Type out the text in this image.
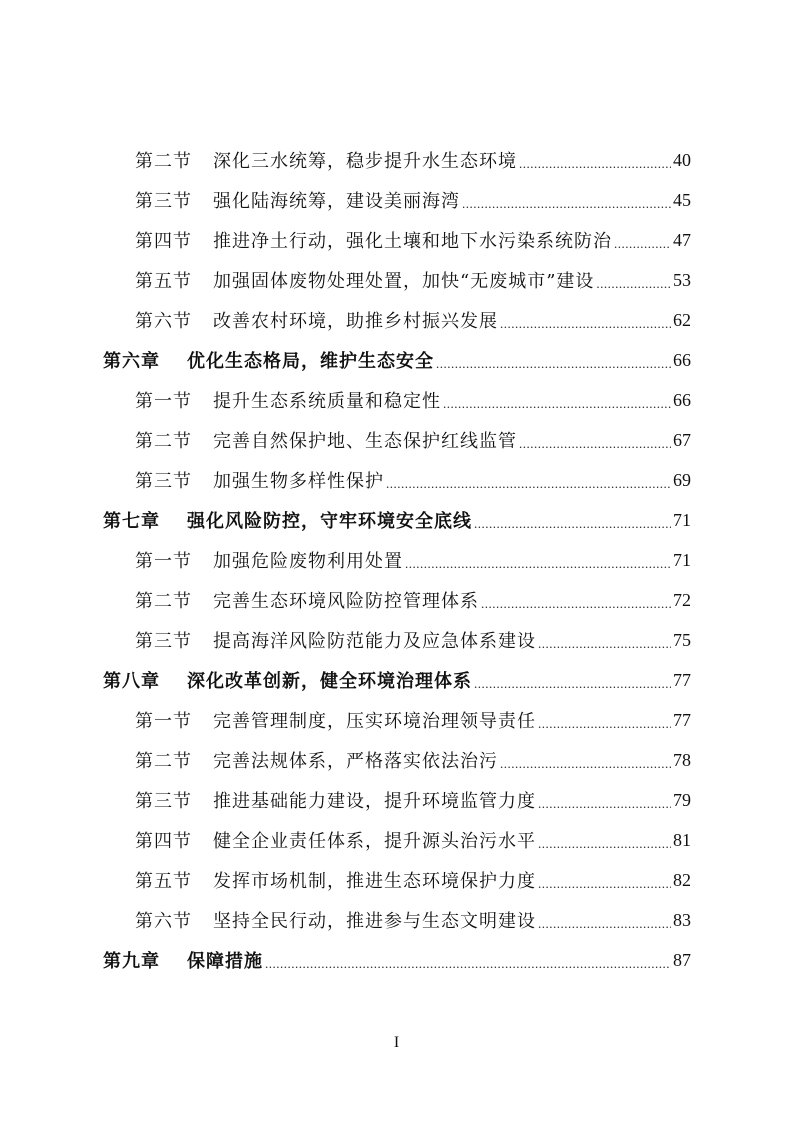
第二节	深化三水统筹，稳步提升水生态环境 .....	40
第三节	强化陆海统筹，建设美丽海湾 .....	45
第四节	推进净土行动，强化土壤和地下水污染系统防治 .....	47
第五节	加强固体废物处理处置，加快“无废城市”建设 .....	53
第六节	改善农村环境，助推乡村振兴发展 .....	62
第六章	优化生态格局，维护生态安全 .....	66
第一节	提升生态系统质量和稳定性 .....	66
第二节	完善自然保护地、生态保护红线监管 .....	67
第三节	加强生物多样性保护 .....	69
第七章	强化风险防控，守牢环境安全底线 .....	71
第一节	加强危险废物利用处置 .....	71
第二节	完善生态环境风险防控管理体系 .....	72
第三节	提高海洋风险防范能力及应急体系建设 .....	75
第八章	深化改革创新，健全环境治理体系 .....	77
第一节	完善管理制度，压实环境治理领导责任 .....	77
第二节	完善法规体系，严格落实依法治污 .....	78
第三节	推进基础能力建设，提升环境监管力度 .....	79
第四节	健全企业责任体系，提升源头治污水平 .....	81
第五节	发挥市场机制，推进生态环境保护力度 .....	82
第六节	坚持全民行动，推进参与生态文明建设 .....	83
第九章	保障措施 .....	87
I
